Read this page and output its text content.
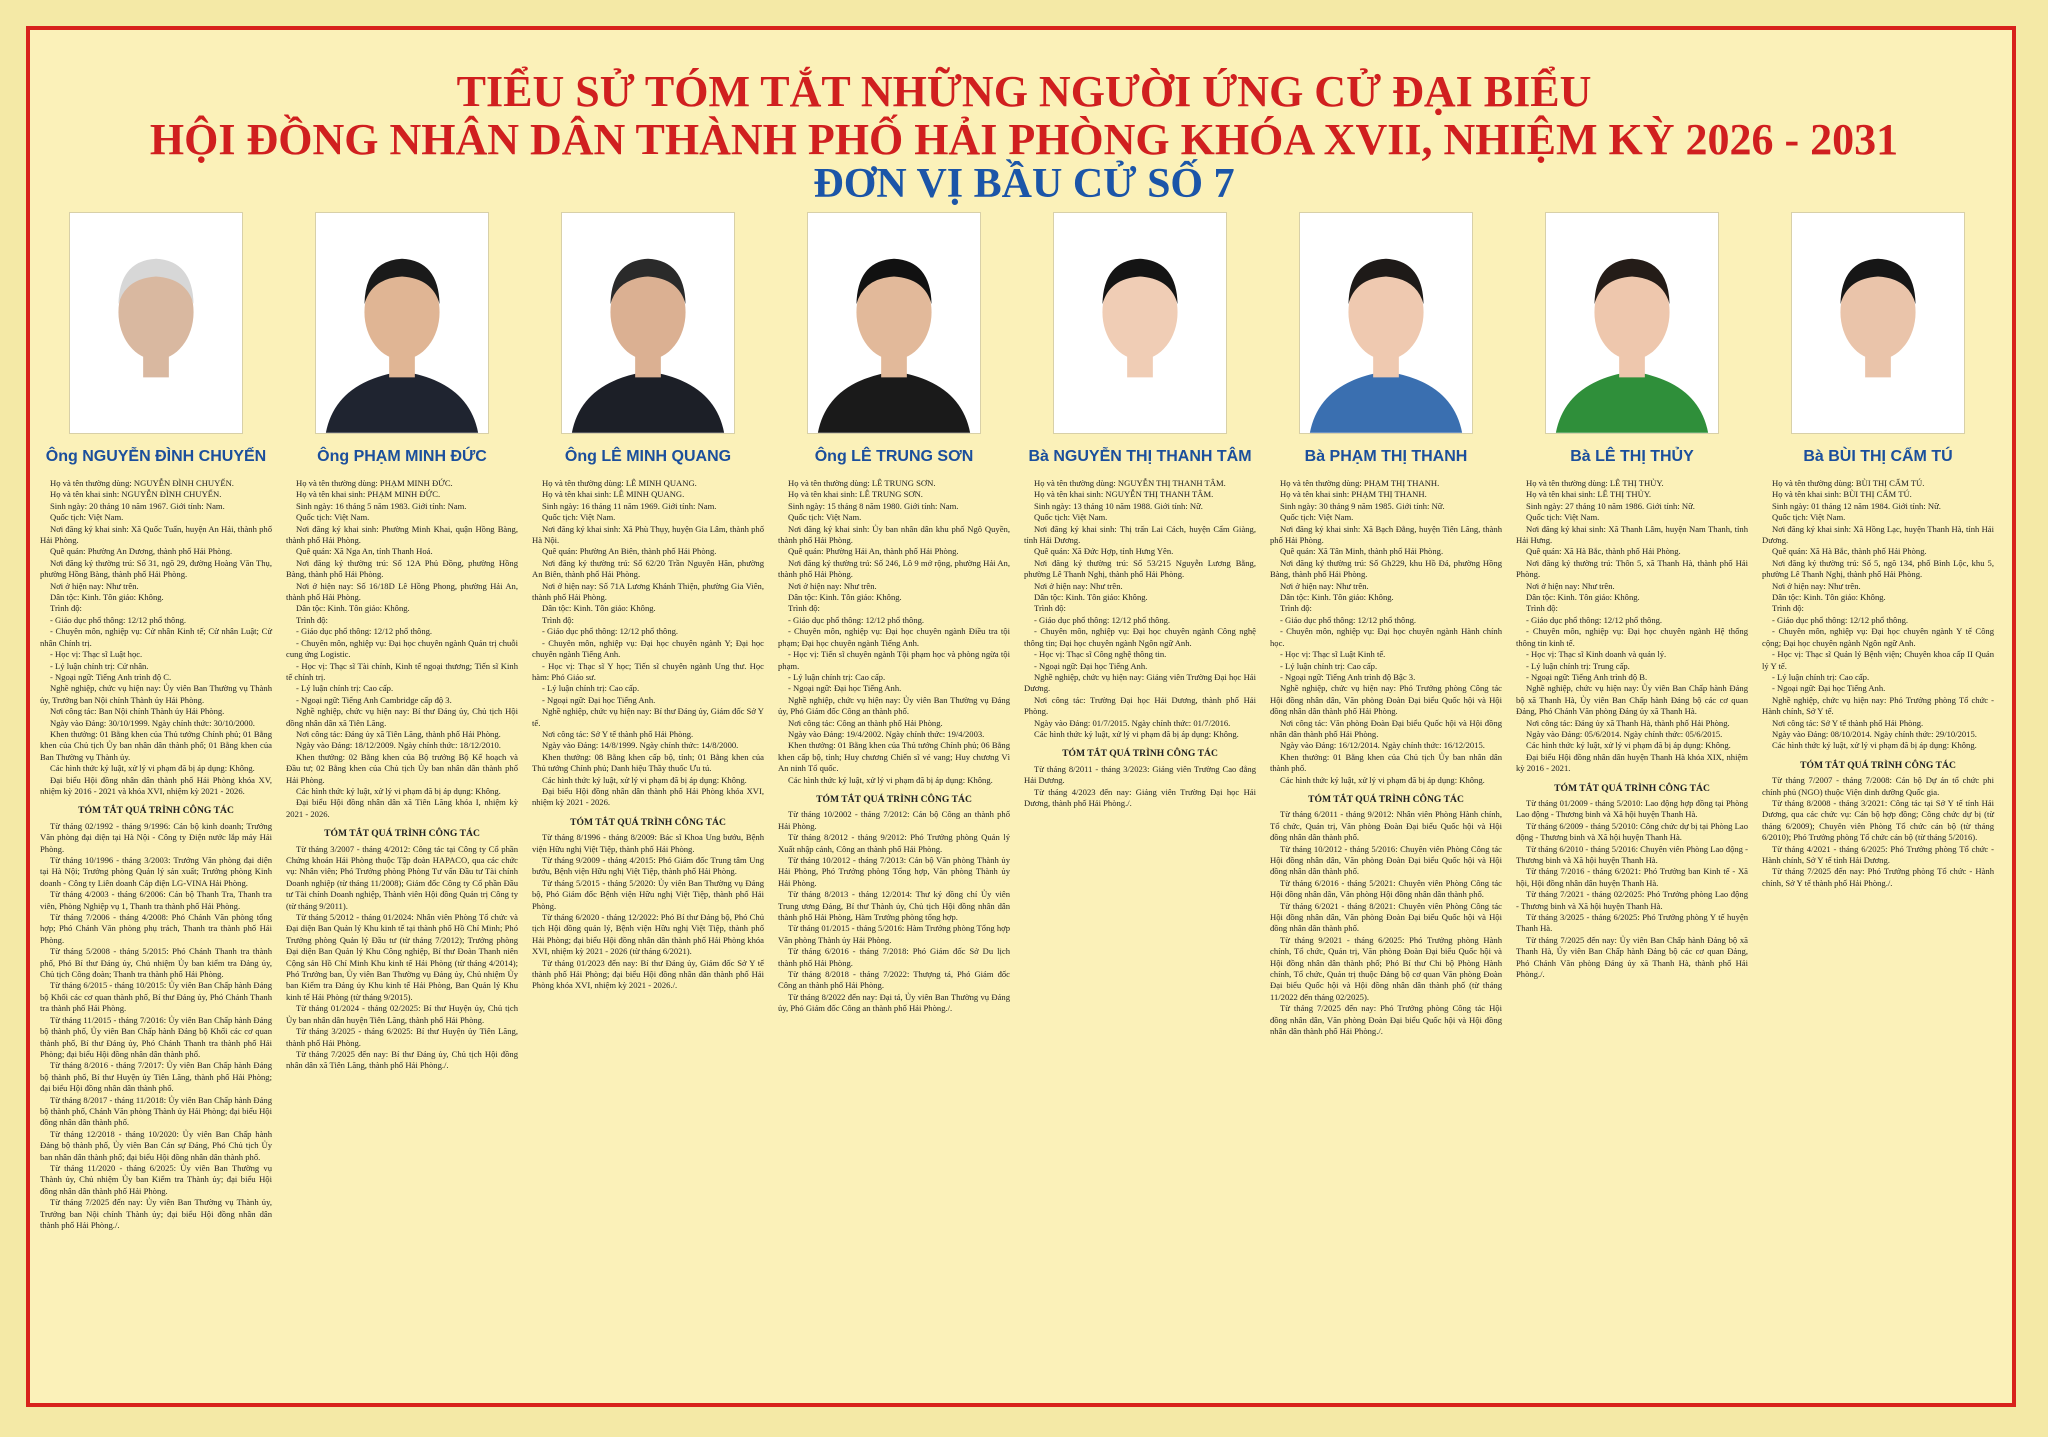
TIỂU SỬ TÓM TẮT NHỮNG NGƯỜI ỨNG CỬ ĐẠI BIỂU
HỘI ĐỒNG NHÂN DÂN THÀNH PHỐ HẢI PHÒNG KHÓA XVII, NHIỆM KỲ 2026 - 2031
ĐƠN VỊ BẦU CỬ SỐ 7
Ông NGUYỄN ĐÌNH CHUYẾN

Họ và tên thường dùng: NGUYỄN ĐÌNH CHUYẾN.

Họ và tên khai sinh: NGUYỄN ĐÌNH CHUYẾN.

Sinh ngày: 20 tháng 10 năm 1967. Giới tính: Nam.

Quốc tịch: Việt Nam.

Nơi đăng ký khai sinh: Xã Quốc Tuấn, huyện An Hải, thành phố Hải Phòng.

Quê quán: Phường An Dương, thành phố Hải Phòng.

Nơi đăng ký thường trú: Số 31, ngõ 29, đường Hoàng Văn Thụ, phường Hồng Bàng, thành phố Hải Phòng.

Nơi ở hiện nay: Như trên.

Dân tộc: Kinh. Tôn giáo: Không.

Trình độ:

- Giáo dục phổ thông: 12/12 phổ thông.

- Chuyên môn, nghiệp vụ: Cử nhân Kinh tế; Cử nhân Luật; Cử nhân Chính trị.

- Học vị: Thạc sĩ Luật học.

- Lý luận chính trị: Cử nhân.

- Ngoại ngữ: Tiếng Anh trình độ C.

Nghề nghiệp, chức vụ hiện nay: Ủy viên Ban Thường vụ Thành ủy, Trưởng ban Nội chính Thành ủy Hải Phòng.

Nơi công tác: Ban Nội chính Thành ủy Hải Phòng.

Ngày vào Đảng: 30/10/1999. Ngày chính thức: 30/10/2000.

Khen thưởng: 01 Bằng khen của Thủ tướng Chính phủ; 01 Bằng khen của Chủ tịch Ủy ban nhân dân thành phố; 01 Bằng khen của Ban Thường vụ Thành ủy.

Các hình thức kỷ luật, xử lý vi phạm đã bị áp dụng: Không.

Đại biểu Hội đồng nhân dân thành phố Hải Phòng khóa XV, nhiệm kỳ 2016 - 2021 và khóa XVI, nhiệm kỳ 2021 - 2026.

TÓM TẮT QUÁ TRÌNH CÔNG TÁC

Từ tháng 02/1992 - tháng 9/1996: Cán bộ kinh doanh; Trưởng Văn phòng đại diện tại Hà Nội - Công ty Điện nước lắp máy Hải Phòng.

Từ tháng 10/1996 - tháng 3/2003: Trưởng Văn phòng đại diện tại Hà Nội; Trưởng phòng Quản lý sản xuất; Trưởng phòng Kinh doanh - Công ty Liên doanh Cáp điện LG-VINA Hải Phòng.

Từ tháng 4/2003 - tháng 6/2006: Cán bộ Thanh Tra, Thanh tra viên, Phòng Nghiệp vụ 1, Thanh tra thành phố Hải Phòng.

Từ tháng 7/2006 - tháng 4/2008: Phó Chánh Văn phòng tổng hợp; Phó Chánh Văn phòng phụ trách, Thanh tra thành phố Hải Phòng.

Từ tháng 5/2008 - tháng 5/2015: Phó Chánh Thanh tra thành phố, Phó Bí thư Đảng ủy, Chủ nhiệm Ủy ban kiểm tra Đảng ủy, Chủ tịch Công đoàn; Thanh tra thành phố Hải Phòng.

Từ tháng 6/2015 - tháng 10/2015: Ủy viên Ban Chấp hành Đảng bộ Khối các cơ quan thành phố, Bí thư Đảng ủy, Phó Chánh Thanh tra thành phố Hải Phòng.

Từ tháng 11/2015 - tháng 7/2016: Ủy viên Ban Chấp hành Đảng bộ thành phố, Ủy viên Ban Chấp hành Đảng bộ Khối các cơ quan thành phố, Bí thư Đảng ủy, Phó Chánh Thanh tra thành phố Hải Phòng; đại biểu Hội đồng nhân dân thành phố.

Từ tháng 8/2016 - tháng 7/2017: Ủy viên Ban Chấp hành Đảng bộ thành phố, Bí thư Huyện ủy Tiên Lãng, thành phố Hải Phòng; đại biểu Hội đồng nhân dân thành phố.

Từ tháng 8/2017 - tháng 11/2018: Ủy viên Ban Chấp hành Đảng bộ thành phố, Chánh Văn phòng Thành ủy Hải Phòng; đại biểu Hội đồng nhân dân thành phố.

Từ tháng 12/2018 - tháng 10/2020: Ủy viên Ban Chấp hành Đảng bộ thành phố, Ủy viên Ban Cán sự Đảng, Phó Chủ tịch Ủy ban nhân dân thành phố; đại biểu Hội đồng nhân dân thành phố.

Từ tháng 11/2020 - tháng 6/2025: Ủy viên Ban Thường vụ Thành ủy, Chủ nhiệm Ủy ban Kiểm tra Thành ủy; đại biểu Hội đồng nhân dân thành phố Hải Phòng.

Từ tháng 7/2025 đến nay: Ủy viên Ban Thường vụ Thành ủy, Trưởng ban Nội chính Thành ủy; đại biểu Hội đồng nhân dân thành phố Hải Phòng./.

Ông PHẠM MINH ĐỨC

Họ và tên thường dùng: PHẠM MINH ĐỨC.

Họ và tên khai sinh: PHẠM MINH ĐỨC.

Sinh ngày: 16 tháng 5 năm 1983. Giới tính: Nam.

Quốc tịch: Việt Nam.

Nơi đăng ký khai sinh: Phường Minh Khai, quận Hồng Bàng, thành phố Hải Phòng.

Quê quán: Xã Nga An, tỉnh Thanh Hoá.

Nơi đăng ký thường trú: Số 12A Phủ Đồng, phường Hồng Bàng, thành phố Hải Phòng.

Nơi ở hiện nay: Số 16/18D Lê Hồng Phong, phường Hải An, thành phố Hải Phòng.

Dân tộc: Kinh. Tôn giáo: Không.

Trình độ:

- Giáo dục phổ thông: 12/12 phổ thông.

- Chuyên môn, nghiệp vụ: Đại học chuyên ngành Quản trị chuỗi cung ứng Logistic.

- Học vị: Thạc sĩ Tài chính, Kinh tế ngoại thương; Tiến sĩ Kinh tế chính trị.

- Lý luận chính trị: Cao cấp.

- Ngoại ngữ: Tiếng Anh Cambridge cấp độ 3.

Nghề nghiệp, chức vụ hiện nay: Bí thư Đảng ủy, Chủ tịch Hội đồng nhân dân xã Tiên Lãng.

Nơi công tác: Đảng ủy xã Tiên Lãng, thành phố Hải Phòng.

Ngày vào Đảng: 18/12/2009. Ngày chính thức: 18/12/2010.

Khen thưởng: 02 Bằng khen của Bộ trưởng Bộ Kế hoạch và Đầu tư; 02 Bằng khen của Chủ tịch Ủy ban nhân dân thành phố Hải Phòng.

Các hình thức kỷ luật, xử lý vi phạm đã bị áp dụng: Không.

Đại biểu Hội đồng nhân dân xã Tiên Lãng khóa I, nhiệm kỳ 2021 - 2026.

TÓM TẮT QUÁ TRÌNH CÔNG TÁC

Từ tháng 3/2007 - tháng 4/2012: Công tác tại Công ty Cổ phần Chứng khoán Hải Phòng thuộc Tập đoàn HAPACO, qua các chức vụ: Nhân viên; Phó Trưởng phòng Phòng Tư vấn Đầu tư Tài chính Doanh nghiệp (từ tháng 11/2008); Giám đốc Công ty Cổ phần Đầu tư Tài chính Doanh nghiệp, Thành viên Hội đồng Quản trị Công ty (từ tháng 9/2011).

Từ tháng 5/2012 - tháng 01/2024: Nhân viên Phòng Tổ chức và Đại diện Ban Quản lý Khu kinh tế tại thành phố Hồ Chí Minh; Phó Trưởng phòng Quản lý Đầu tư (từ tháng 7/2012); Trưởng phòng Đại diện Ban Quản lý Khu Công nghiệp, Bí thư Đoàn Thanh niên Cộng sản Hồ Chí Minh Khu kinh tế Hải Phòng (từ tháng 4/2014); Phó Trưởng ban, Ủy viên Ban Thường vụ Đảng ủy, Chủ nhiệm Ủy ban Kiểm tra Đảng ủy Khu kinh tế Hải Phòng, Ban Quản lý Khu kinh tế Hải Phòng (từ tháng 9/2015).

Từ tháng 01/2024 - tháng 02/2025: Bí thư Huyện ủy, Chủ tịch Ủy ban nhân dân huyện Tiên Lãng, thành phố Hải Phòng.

Từ tháng 3/2025 - tháng 6/2025: Bí thư Huyện ủy Tiên Lãng, thành phố Hải Phòng.

Từ tháng 7/2025 đến nay: Bí thư Đảng ủy, Chủ tịch Hội đồng nhân dân xã Tiên Lãng, thành phố Hải Phòng./.

Ông LÊ MINH QUANG

Họ và tên thường dùng: LÊ MINH QUANG.

Họ và tên khai sinh: LÊ MINH QUANG.

Sinh ngày: 16 tháng 11 năm 1969. Giới tính: Nam.

Quốc tịch: Việt Nam.

Nơi đăng ký khai sinh: Xã Phù Thụy, huyện Gia Lâm, thành phố Hà Nội.

Quê quán: Phường An Biên, thành phố Hải Phòng.

Nơi đăng ký thường trú: Số 62/20 Trần Nguyên Hãn, phường An Biên, thành phố Hải Phòng.

Nơi ở hiện nay: Số 71A Lương Khánh Thiện, phường Gia Viên, thành phố Hải Phòng.

Dân tộc: Kinh. Tôn giáo: Không.

Trình độ:

- Giáo dục phổ thông: 12/12 phổ thông.

- Chuyên môn, nghiệp vụ: Đại học chuyên ngành Y; Đại học chuyên ngành Tiếng Anh.

- Học vị: Thạc sĩ Y học; Tiến sĩ chuyên ngành Ung thư. Học hàm: Phó Giáo sư.

- Lý luận chính trị: Cao cấp.

- Ngoại ngữ: Đại học Tiếng Anh.

Nghề nghiệp, chức vụ hiện nay: Bí thư Đảng ủy, Giám đốc Sở Y tế.

Nơi công tác: Sở Y tế thành phố Hải Phòng.

Ngày vào Đảng: 14/8/1999. Ngày chính thức: 14/8/2000.

Khen thưởng: 08 Bằng khen cấp bộ, tỉnh; 01 Bằng khen của Thủ tướng Chính phủ; Danh hiệu Thầy thuốc Ưu tú.

Các hình thức kỷ luật, xử lý vi phạm đã bị áp dụng: Không.

Đại biểu Hội đồng nhân dân thành phố Hải Phòng khóa XVI, nhiệm kỳ 2021 - 2026.

TÓM TẮT QUÁ TRÌNH CÔNG TÁC

Từ tháng 8/1996 - tháng 8/2009: Bác sĩ Khoa Ung bướu, Bệnh viện Hữu nghị Việt Tiệp, thành phố Hải Phòng.

Từ tháng 9/2009 - tháng 4/2015: Phó Giám đốc Trung tâm Ung bướu, Bệnh viện Hữu nghị Việt Tiệp, thành phố Hải Phòng.

Từ tháng 5/2015 - tháng 5/2020: Ủy viên Ban Thường vụ Đảng bộ, Phó Giám đốc Bệnh viện Hữu nghị Việt Tiệp, thành phố Hải Phòng.

Từ tháng 6/2020 - tháng 12/2022: Phó Bí thư Đảng bộ, Phó Chủ tịch Hội đồng quản lý, Bệnh viện Hữu nghị Việt Tiệp, thành phố Hải Phòng; đại biểu Hội đồng nhân dân thành phố Hải Phòng khóa XVI, nhiệm kỳ 2021 - 2026 (từ tháng 6/2021).

Từ tháng 01/2023 đến nay: Bí thư Đảng ủy, Giám đốc Sở Y tế thành phố Hải Phòng; đại biểu Hội đồng nhân dân thành phố Hải Phòng khóa XVI, nhiệm kỳ 2021 - 2026./.

Ông LÊ TRUNG SƠN

Họ và tên thường dùng: LÊ TRUNG SƠN.

Họ và tên khai sinh: LÊ TRUNG SƠN.

Sinh ngày: 15 tháng 8 năm 1980. Giới tính: Nam.

Quốc tịch: Việt Nam.

Nơi đăng ký khai sinh: Ủy ban nhân dân khu phố Ngô Quyền, thành phố Hải Phòng.

Quê quán: Phường Hải An, thành phố Hải Phòng.

Nơi đăng ký thường trú: Số 246, Lô 9 mở rộng, phường Hải An, thành phố Hải Phòng.

Nơi ở hiện nay: Như trên.

Dân tộc: Kinh. Tôn giáo: Không.

Trình độ:

- Giáo dục phổ thông: 12/12 phổ thông.

- Chuyên môn, nghiệp vụ: Đại học chuyên ngành Điều tra tội phạm; Đại học chuyên ngành Tiếng Anh.

- Học vị: Tiến sĩ chuyên ngành Tội phạm học và phòng ngừa tội phạm.

- Lý luận chính trị: Cao cấp.

- Ngoại ngữ: Đại học Tiếng Anh.

Nghề nghiệp, chức vụ hiện nay: Ủy viên Ban Thường vụ Đảng ủy, Phó Giám đốc Công an thành phố.

Nơi công tác: Công an thành phố Hải Phòng.

Ngày vào Đảng: 19/4/2002. Ngày chính thức: 19/4/2003.

Khen thưởng: 01 Bằng khen của Thủ tướng Chính phủ; 06 Bằng khen cấp bộ, tỉnh; Huy chương Chiến sĩ vẻ vang; Huy chương Vì An ninh Tổ quốc.

Các hình thức kỷ luật, xử lý vi phạm đã bị áp dụng: Không.

TÓM TẮT QUÁ TRÌNH CÔNG TÁC

Từ tháng 10/2002 - tháng 7/2012: Cán bộ Công an thành phố Hải Phòng.

Từ tháng 8/2012 - tháng 9/2012: Phó Trưởng phòng Quản lý Xuất nhập cảnh, Công an thành phố Hải Phòng.

Từ tháng 10/2012 - tháng 7/2013: Cán bộ Văn phòng Thành ủy Hải Phòng, Phó Trưởng phòng Tổng hợp, Văn phòng Thành ủy Hải Phòng.

Từ tháng 8/2013 - tháng 12/2014: Thư ký đồng chí Ủy viên Trung ương Đảng, Bí thư Thành ủy, Chủ tịch Hội đồng nhân dân thành phố Hải Phòng, Hàm Trưởng phòng tổng hợp.

Từ tháng 01/2015 - tháng 5/2016: Hàm Trưởng phòng Tổng hợp Văn phòng Thành ủy Hải Phòng.

Từ tháng 6/2016 - tháng 7/2018: Phó Giám đốc Sở Du lịch thành phố Hải Phòng.

Từ tháng 8/2018 - tháng 7/2022: Thượng tá, Phó Giám đốc Công an thành phố Hải Phòng.

Từ tháng 8/2022 đến nay: Đại tá, Ủy viên Ban Thường vụ Đảng ủy, Phó Giám đốc Công an thành phố Hải Phòng./.

Bà NGUYỄN THỊ THANH TÂM

Họ và tên thường dùng: NGUYỄN THỊ THANH TÂM.

Họ và tên khai sinh: NGUYỄN THỊ THANH TÂM.

Sinh ngày: 13 tháng 10 năm 1988. Giới tính: Nữ.

Quốc tịch: Việt Nam.

Nơi đăng ký khai sinh: Thị trấn Lai Cách, huyện Cẩm Giàng, tỉnh Hải Dương.

Quê quán: Xã Đức Hợp, tỉnh Hưng Yên.

Nơi đăng ký thường trú: Số 53/215 Nguyễn Lương Bằng, phường Lê Thanh Nghị, thành phố Hải Phòng.

Nơi ở hiện nay: Như trên.

Dân tộc: Kinh. Tôn giáo: Không.

Trình độ:

- Giáo dục phổ thông: 12/12 phổ thông.

- Chuyên môn, nghiệp vụ: Đại học chuyên ngành Công nghệ thông tin; Đại học chuyên ngành Ngôn ngữ Anh.

- Học vị: Thạc sĩ Công nghệ thông tin.

- Ngoại ngữ: Đại học Tiếng Anh.

Nghề nghiệp, chức vụ hiện nay: Giảng viên Trường Đại học Hải Dương.

Nơi công tác: Trường Đại học Hải Dương, thành phố Hải Phòng.

Ngày vào Đảng: 01/7/2015. Ngày chính thức: 01/7/2016.

Các hình thức kỷ luật, xử lý vi phạm đã bị áp dụng: Không.

TÓM TẮT QUÁ TRÌNH CÔNG TÁC

Từ tháng 8/2011 - tháng 3/2023: Giảng viên Trường Cao đẳng Hải Dương.

Từ tháng 4/2023 đến nay: Giảng viên Trường Đại học Hải Dương, thành phố Hải Phòng./.

Bà PHẠM THỊ THANH

Họ và tên thường dùng: PHẠM THỊ THANH.

Họ và tên khai sinh: PHẠM THỊ THANH.

Sinh ngày: 30 tháng 9 năm 1985. Giới tính: Nữ.

Quốc tịch: Việt Nam.

Nơi đăng ký khai sinh: Xã Bạch Đằng, huyện Tiên Lãng, thành phố Hải Phòng.

Quê quán: Xã Tân Minh, thành phố Hải Phòng.

Nơi đăng ký thường trú: Số Gh229, khu Hồ Đá, phường Hồng Bàng, thành phố Hải Phòng.

Nơi ở hiện nay: Như trên.

Dân tộc: Kinh. Tôn giáo: Không.

Trình độ:

- Giáo dục phổ thông: 12/12 phổ thông.

- Chuyên môn, nghiệp vụ: Đại học chuyên ngành Hành chính học.

- Học vị: Thạc sĩ Luật Kinh tế.

- Lý luận chính trị: Cao cấp.

- Ngoại ngữ: Tiếng Anh trình độ Bậc 3.

Nghề nghiệp, chức vụ hiện nay: Phó Trưởng phòng Công tác Hội đồng nhân dân, Văn phòng Đoàn Đại biểu Quốc hội và Hội đồng nhân dân thành phố Hải Phòng.

Nơi công tác: Văn phòng Đoàn Đại biểu Quốc hội và Hội đồng nhân dân thành phố Hải Phòng.

Ngày vào Đảng: 16/12/2014. Ngày chính thức: 16/12/2015.

Khen thưởng: 01 Bằng khen của Chủ tịch Ủy ban nhân dân thành phố.

Các hình thức kỷ luật, xử lý vi phạm đã bị áp dụng: Không.

TÓM TẮT QUÁ TRÌNH CÔNG TÁC

Từ tháng 6/2011 - tháng 9/2012: Nhân viên Phòng Hành chính, Tổ chức, Quản trị, Văn phòng Đoàn Đại biểu Quốc hội và Hội đồng nhân dân thành phố.

Từ tháng 10/2012 - tháng 5/2016: Chuyên viên Phòng Công tác Hội đồng nhân dân, Văn phòng Đoàn Đại biểu Quốc hội và Hội đồng nhân dân thành phố.

Từ tháng 6/2016 - tháng 5/2021: Chuyên viên Phòng Công tác Hội đồng nhân dân, Văn phòng Hội đồng nhân dân thành phố.

Từ tháng 6/2021 - tháng 8/2021: Chuyên viên Phòng Công tác Hội đồng nhân dân, Văn phòng Đoàn Đại biểu Quốc hội và Hội đồng nhân dân thành phố.

Từ tháng 9/2021 - tháng 6/2025: Phó Trưởng phòng Hành chính, Tổ chức, Quản trị, Văn phòng Đoàn Đại biểu Quốc hội và Hội đồng nhân dân thành phố; Phó Bí thư Chi bộ Phòng Hành chính, Tổ chức, Quản trị thuộc Đảng bộ cơ quan Văn phòng Đoàn Đại biểu Quốc hội và Hội đồng nhân dân thành phố (từ tháng 11/2022 đến tháng 02/2025).

Từ tháng 7/2025 đến nay: Phó Trưởng phòng Công tác Hội đồng nhân dân, Văn phòng Đoàn Đại biểu Quốc hội và Hội đồng nhân dân thành phố Hải Phòng./.

Bà LÊ THỊ THỦY

Họ và tên thường dùng: LÊ THỊ THỦY.

Họ và tên khai sinh: LÊ THỊ THỦY.

Sinh ngày: 27 tháng 10 năm 1986. Giới tính: Nữ.

Quốc tịch: Việt Nam.

Nơi đăng ký khai sinh: Xã Thanh Lâm, huyện Nam Thanh, tỉnh Hải Hưng.

Quê quán: Xã Hà Bắc, thành phố Hải Phòng.

Nơi đăng ký thường trú: Thôn 5, xã Thanh Hà, thành phố Hải Phòng.

Nơi ở hiện nay: Như trên.

Dân tộc: Kinh. Tôn giáo: Không.

Trình độ:

- Giáo dục phổ thông: 12/12 phổ thông.

- Chuyên môn, nghiệp vụ: Đại học chuyên ngành Hệ thống thông tin kinh tế.

- Học vị: Thạc sĩ Kinh doanh và quản lý.

- Lý luận chính trị: Trung cấp.

- Ngoại ngữ: Tiếng Anh trình độ B.

Nghề nghiệp, chức vụ hiện nay: Ủy viên Ban Chấp hành Đảng bộ xã Thanh Hà, Ủy viên Ban Chấp hành Đảng bộ các cơ quan Đảng, Phó Chánh Văn phòng Đảng ủy xã Thanh Hà.

Nơi công tác: Đảng ủy xã Thanh Hà, thành phố Hải Phòng.

Ngày vào Đảng: 05/6/2014. Ngày chính thức: 05/6/2015.

Các hình thức kỷ luật, xử lý vi phạm đã bị áp dụng: Không.

Đại biểu Hội đồng nhân dân huyện Thanh Hà khóa XIX, nhiệm kỳ 2016 - 2021.

TÓM TẮT QUÁ TRÌNH CÔNG TÁC

Từ tháng 01/2009 - tháng 5/2010: Lao động hợp đồng tại Phòng Lao động - Thương binh và Xã hội huyện Thanh Hà.

Từ tháng 6/2009 - tháng 5/2010: Công chức dự bị tại Phòng Lao động - Thương binh và Xã hội huyện Thanh Hà.

Từ tháng 6/2010 - tháng 5/2016: Chuyên viên Phòng Lao động - Thương binh và Xã hội huyện Thanh Hà.

Từ tháng 7/2016 - tháng 6/2021: Phó Trưởng ban Kinh tế - Xã hội, Hội đồng nhân dân huyện Thanh Hà.

Từ tháng 7/2021 - tháng 02/2025: Phó Trưởng phòng Lao động - Thương binh và Xã hội huyện Thanh Hà.

Từ tháng 3/2025 - tháng 6/2025: Phó Trưởng phòng Y tế huyện Thanh Hà.

Từ tháng 7/2025 đến nay: Ủy viên Ban Chấp hành Đảng bộ xã Thanh Hà, Ủy viên Ban Chấp hành Đảng bộ các cơ quan Đảng, Phó Chánh Văn phòng Đảng ủy xã Thanh Hà, thành phố Hải Phòng./.

Bà BÙI THỊ CẨM TÚ

Họ và tên thường dùng: BÙI THỊ CẨM TÚ.

Họ và tên khai sinh: BÙI THỊ CẨM TÚ.

Sinh ngày: 01 tháng 12 năm 1984. Giới tính: Nữ.

Quốc tịch: Việt Nam.

Nơi đăng ký khai sinh: Xã Hồng Lạc, huyện Thanh Hà, tỉnh Hải Dương.

Quê quán: Xã Hà Bắc, thành phố Hải Phòng.

Nơi đăng ký thường trú: Số 5, ngõ 134, phố Bình Lộc, khu 5, phường Lê Thanh Nghị, thành phố Hải Phòng.

Nơi ở hiện nay: Như trên.

Dân tộc: Kinh. Tôn giáo: Không.

Trình độ:

- Giáo dục phổ thông: 12/12 phổ thông.

- Chuyên môn, nghiệp vụ: Đại học chuyên ngành Y tế Công cộng; Đại học chuyên ngành Ngôn ngữ Anh.

- Học vị: Thạc sĩ Quản lý Bệnh viện; Chuyên khoa cấp II Quản lý Y tế.

- Lý luận chính trị: Cao cấp.

- Ngoại ngữ: Đại học Tiếng Anh.

Nghề nghiệp, chức vụ hiện nay: Phó Trưởng phòng Tổ chức - Hành chính, Sở Y tế.

Nơi công tác: Sở Y tế thành phố Hải Phòng.

Ngày vào Đảng: 08/10/2014. Ngày chính thức: 29/10/2015.

Các hình thức kỷ luật, xử lý vi phạm đã bị áp dụng: Không.

TÓM TẮT QUÁ TRÌNH CÔNG TÁC

Từ tháng 7/2007 - tháng 7/2008: Cán bộ Dự án tổ chức phi chính phủ (NGO) thuộc Viện dinh dưỡng Quốc gia.

Từ tháng 8/2008 - tháng 3/2021: Công tác tại Sở Y tế tỉnh Hải Dương, qua các chức vụ: Cán bộ hợp đồng; Công chức dự bị (từ tháng 6/2009); Chuyên viên Phòng Tổ chức cán bộ (từ tháng 6/2010); Phó Trưởng phòng Tổ chức cán bộ (từ tháng 5/2016).

Từ tháng 4/2021 - tháng 6/2025: Phó Trưởng phòng Tổ chức - Hành chính, Sở Y tế tỉnh Hải Dương.

Từ tháng 7/2025 đến nay: Phó Trưởng phòng Tổ chức - Hành chính, Sở Y tế thành phố Hải Phòng./.
